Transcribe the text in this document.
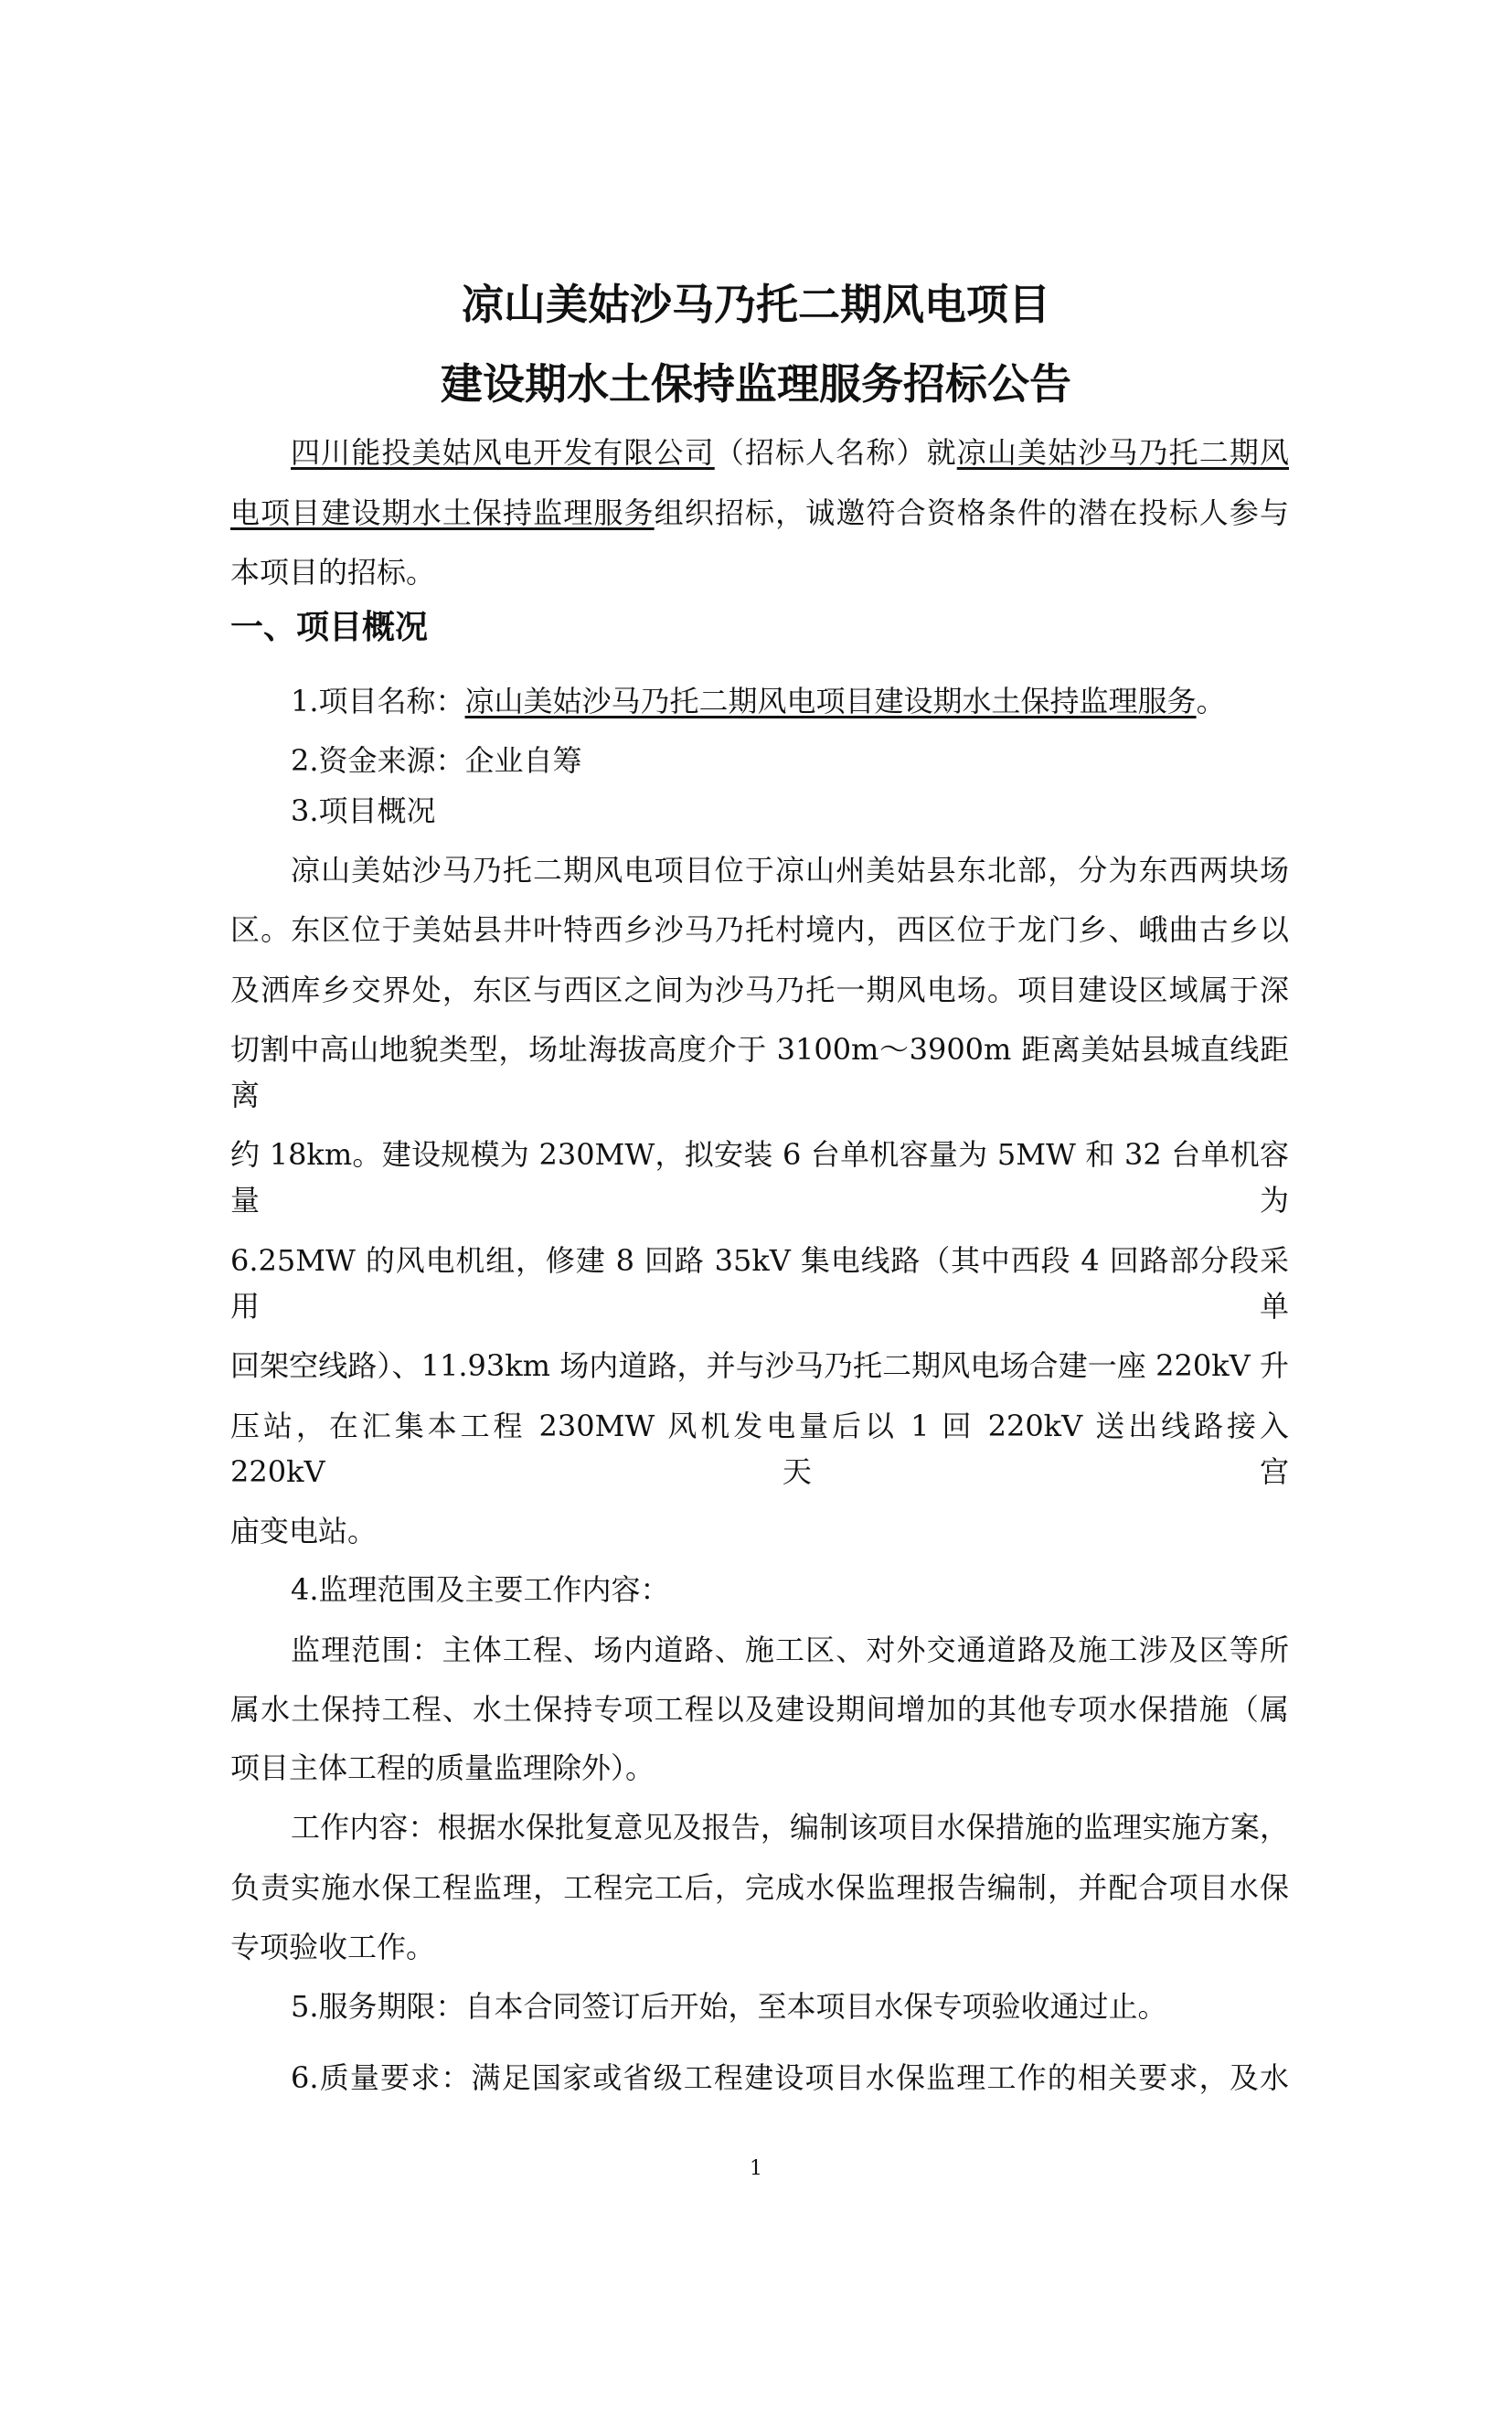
凉山美姑沙马乃托二期风电项目
建设期水土保持监理服务招标公告
四川能投美姑风电开发有限公司（招标人名称）就凉山美姑沙马乃托二期风
电项目建设期水土保持监理服务组织招标，诚邀符合资格条件的潜在投标人参与
本项目的招标。
一、项目概况
1.项目名称：凉山美姑沙马乃托二期风电项目建设期水土保持监理服务。
2.资金来源：企业自筹
3.项目概况
凉山美姑沙马乃托二期风电项目位于凉山州美姑县东北部，分为东西两块场
区。东区位于美姑县井叶特西乡沙马乃托村境内，西区位于龙门乡、峨曲古乡以
及洒库乡交界处，东区与西区之间为沙马乃托一期风电场。项目建设区域属于深
切割中高山地貌类型，场址海拔高度介于 3100m～3900m 距离美姑县城直线距离
约 18km。建设规模为 230MW，拟安装 6 台单机容量为 5MW 和 32 台单机容量为
6.25MW 的风电机组，修建 8 回路 35kV 集电线路（其中西段 4 回路部分段采用单
回架空线路）、11.93km 场内道路，并与沙马乃托二期风电场合建一座 220kV 升
压站，在汇集本工程 230MW 风机发电量后以 1 回 220kV 送出线路接入 220kV 天宫
庙变电站。
4.监理范围及主要工作内容：
监理范围：主体工程、场内道路、施工区、对外交通道路及施工涉及区等所
属水土保持工程、水土保持专项工程以及建设期间增加的其他专项水保措施（属
项目主体工程的质量监理除外）。
工作内容：根据水保批复意见及报告，编制该项目水保措施的监理实施方案，
负责实施水保工程监理，工程完工后，完成水保监理报告编制，并配合项目水保
专项验收工作。
5.服务期限：自本合同签订后开始，至本项目水保专项验收通过止。
6.质量要求：满足国家或省级工程建设项目水保监理工作的相关要求，及水
1
